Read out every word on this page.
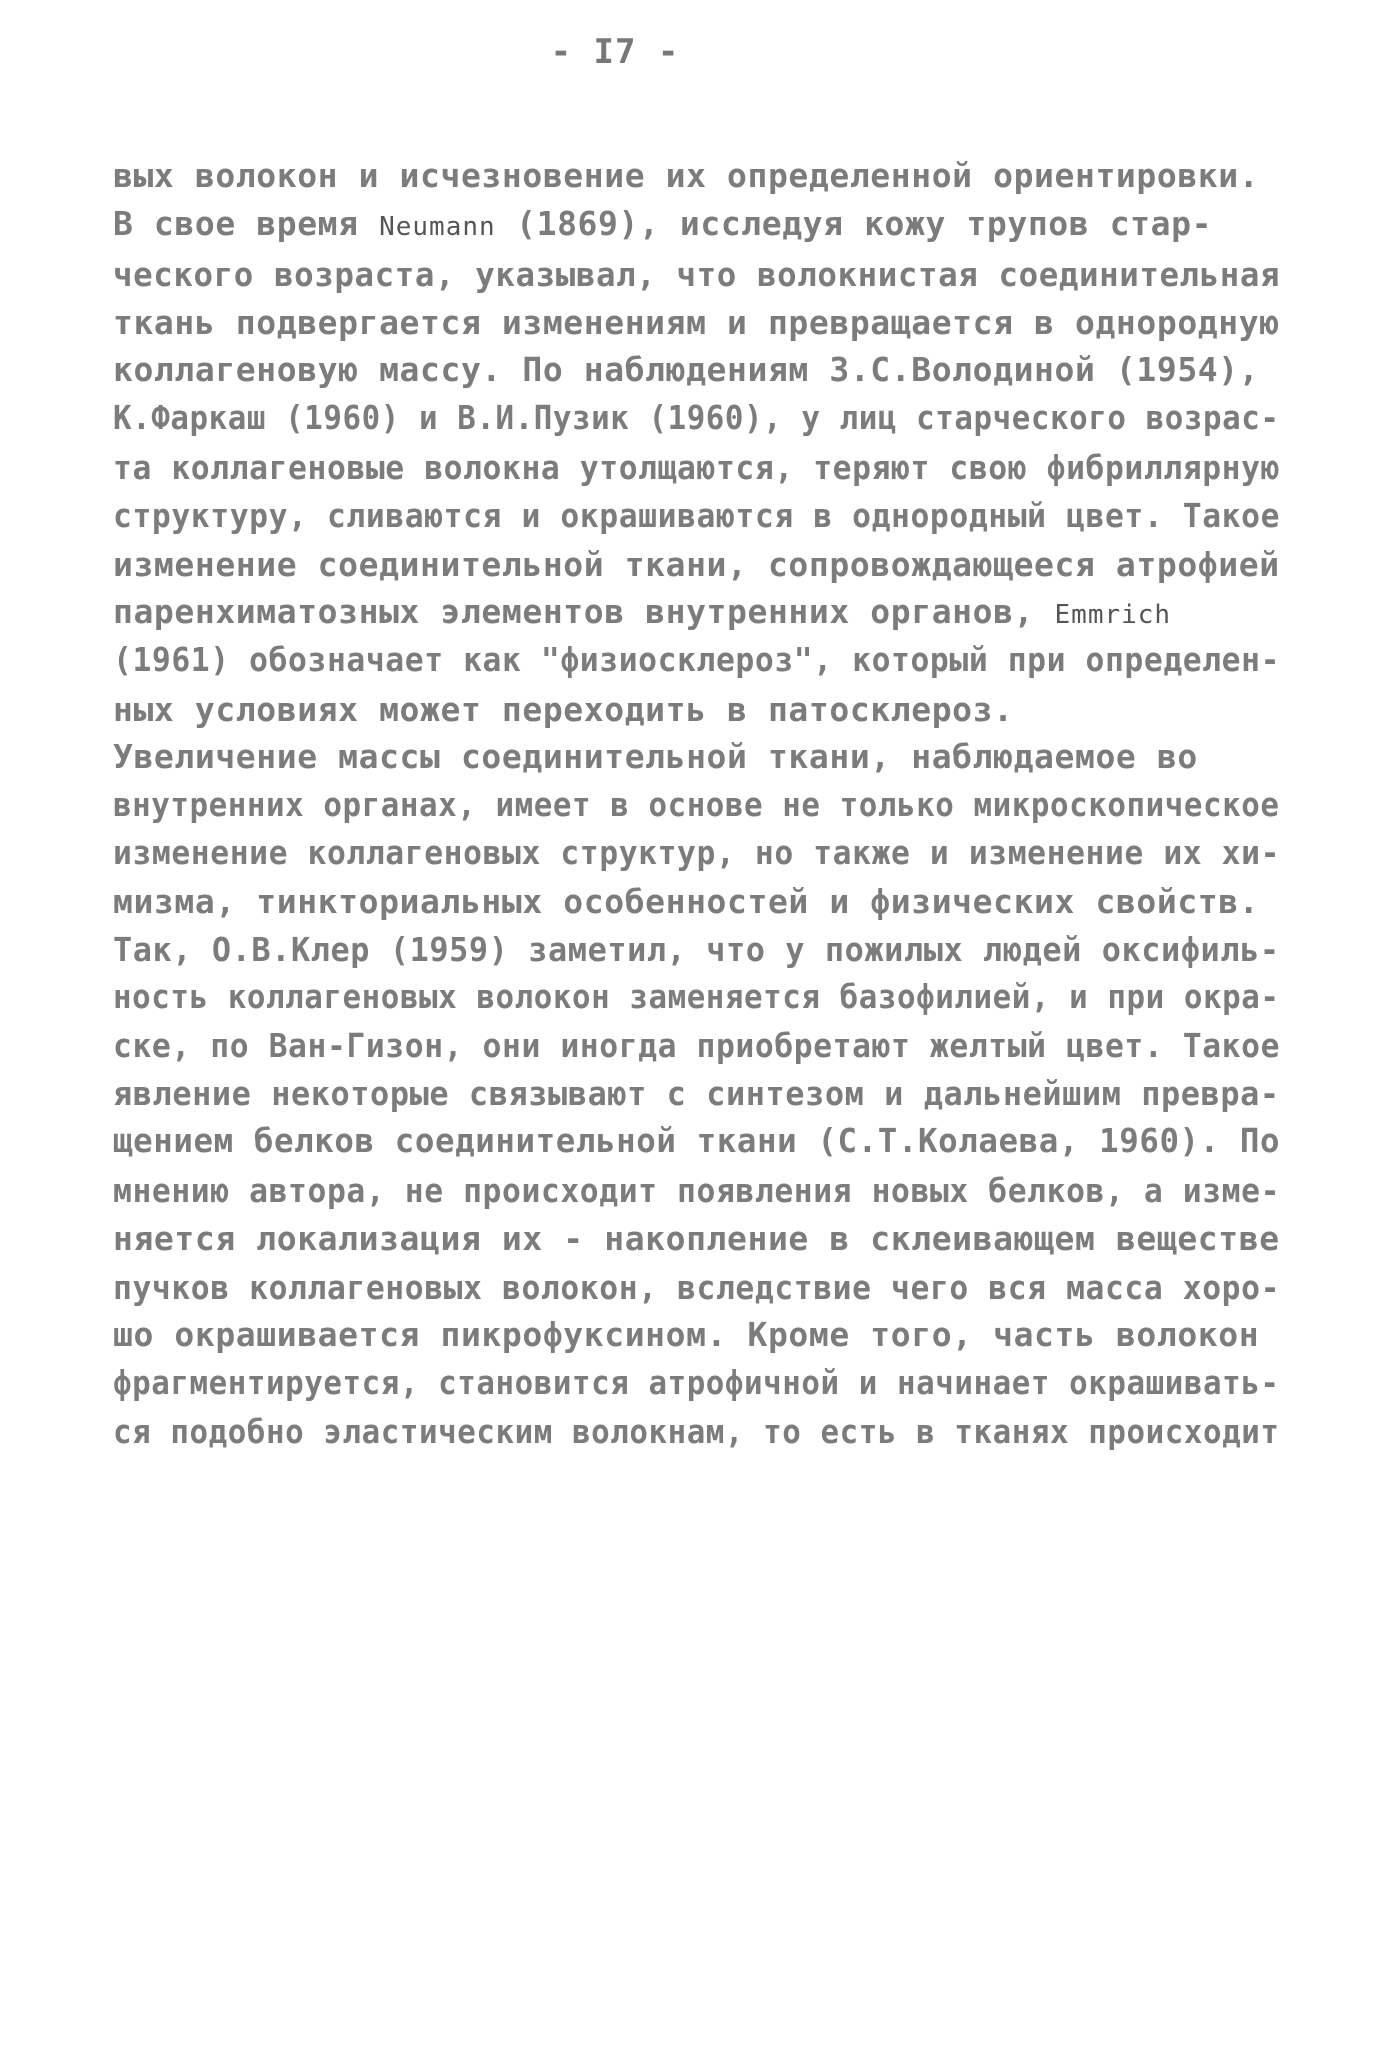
- I7 -
вых волокон и исчезновение их определенной ориентировки.
В свое время Neumann (1869), исследуя кожу трупов стар-
ческого возраста, указывал, что волокнистая соединительная
ткань подвергается изменениям и превращается в однородную
коллагеновую массу. По наблюдениям З.С.Володиной (1954),
К.Фаркаш (1960) и В.И.Пузик (1960), у лиц старческого возрас-
та коллагеновые волокна утолщаются, теряют свою фибриллярную
структуру, сливаются и окрашиваются в однородный цвет. Такое
изменение соединительной ткани, сопровождающееся атрофией
паренхиматозных элементов внутренних органов, Emmrich
(1961) обозначает как "физиосклероз", который при определен-
ных условиях может переходить в патосклероз.
Увеличение массы соединительной ткани, наблюдаемое во
внутренних органах, имеет в основе не только микроскопическое
изменение коллагеновых структур, но также и изменение их хи-
мизма, тинкториальных особенностей и физических свойств.
Так, О.В.Клер (1959) заметил, что у пожилых людей оксифиль-
ность коллагеновых волокон заменяется базофилией, и при окра-
ске, по Ван-Гизон, они иногда приобретают желтый цвет. Такое
явление некоторые связывают с синтезом и дальнейшим превра-
щением белков соединительной ткани (С.Т.Колаева, 1960). По
мнению автора, не происходит появления новых белков, а изме-
няется локализация их - накопление в склеивающем веществе
пучков коллагеновых волокон, вследствие чего вся масса хоро-
шо окрашивается пикрофуксином. Кроме того, часть волокон
фрагментируется, становится атрофичной и начинает окрашивать-
ся подобно эластическим волокнам, то есть в тканях происходит
